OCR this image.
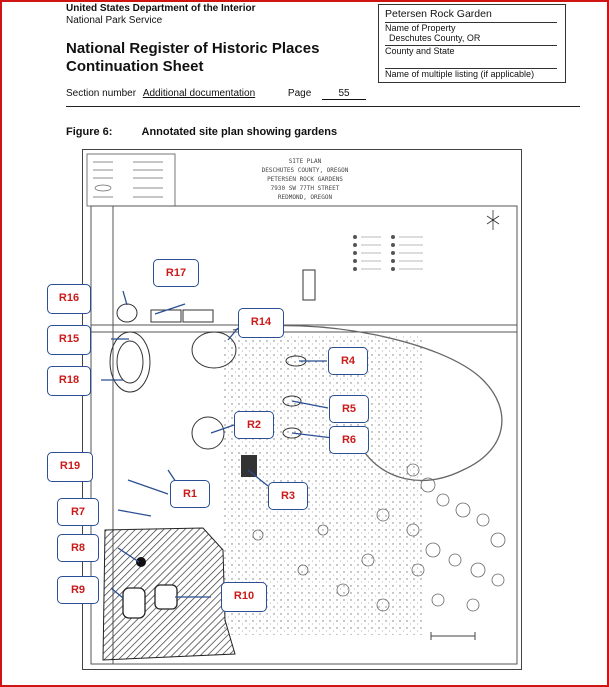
United States Department of the Interior
National Park Service
National Register of Historic Places
Continuation Sheet
Section number Additional documentation	Page	55
Petersen Rock Garden
Name of Property
Deschutes County, OR
County and State
Name of multiple listing (if applicable)
Figure 6:	Annotated site plan showing gardens
SITE PLAN
DESCHUTES COUNTY, OREGON
PETERSEN ROCK GARDENS
7930 SW 77TH STREET
REDMOND, OREGON
R17
R16
R15
R18
R14
R4
R5
R6
R2
R19
R1	R3
R7
R8
R9	R10
